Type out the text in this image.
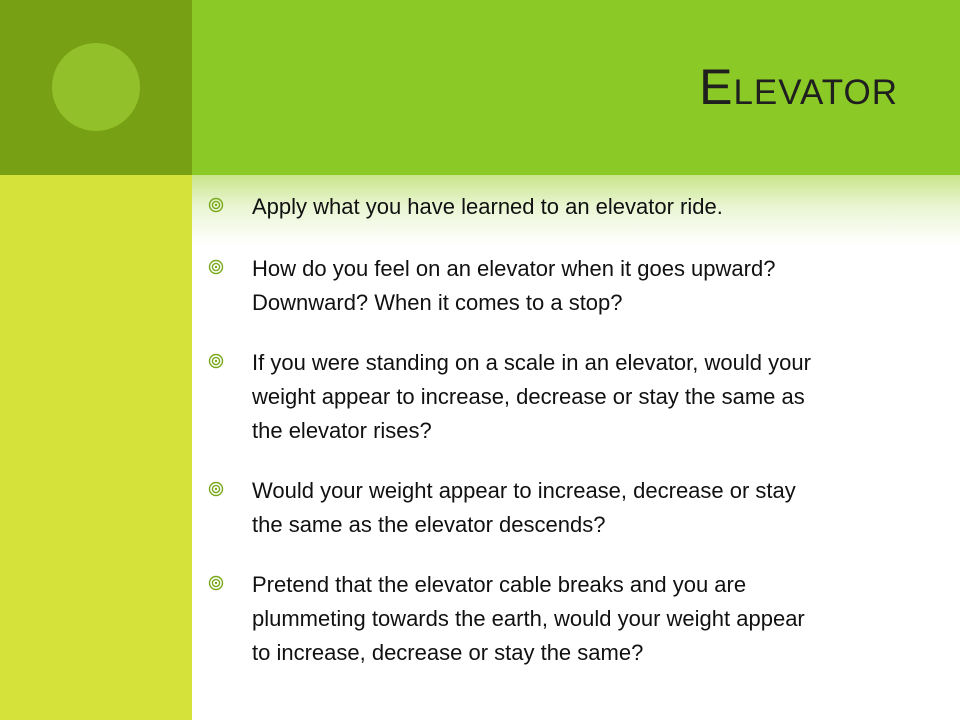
Elevator
Apply what you have learned to an elevator ride.
How do you feel on an elevator when it goes upward?
Downward? When it comes to a stop?
If you were standing on a scale in an elevator, would your
weight appear to increase, decrease or stay the same as
the elevator rises?
Would your weight appear to increase, decrease or stay
the same as the elevator descends?
Pretend that the elevator cable breaks and you are
plummeting towards the earth, would your weight appear
to increase, decrease or stay the same?
